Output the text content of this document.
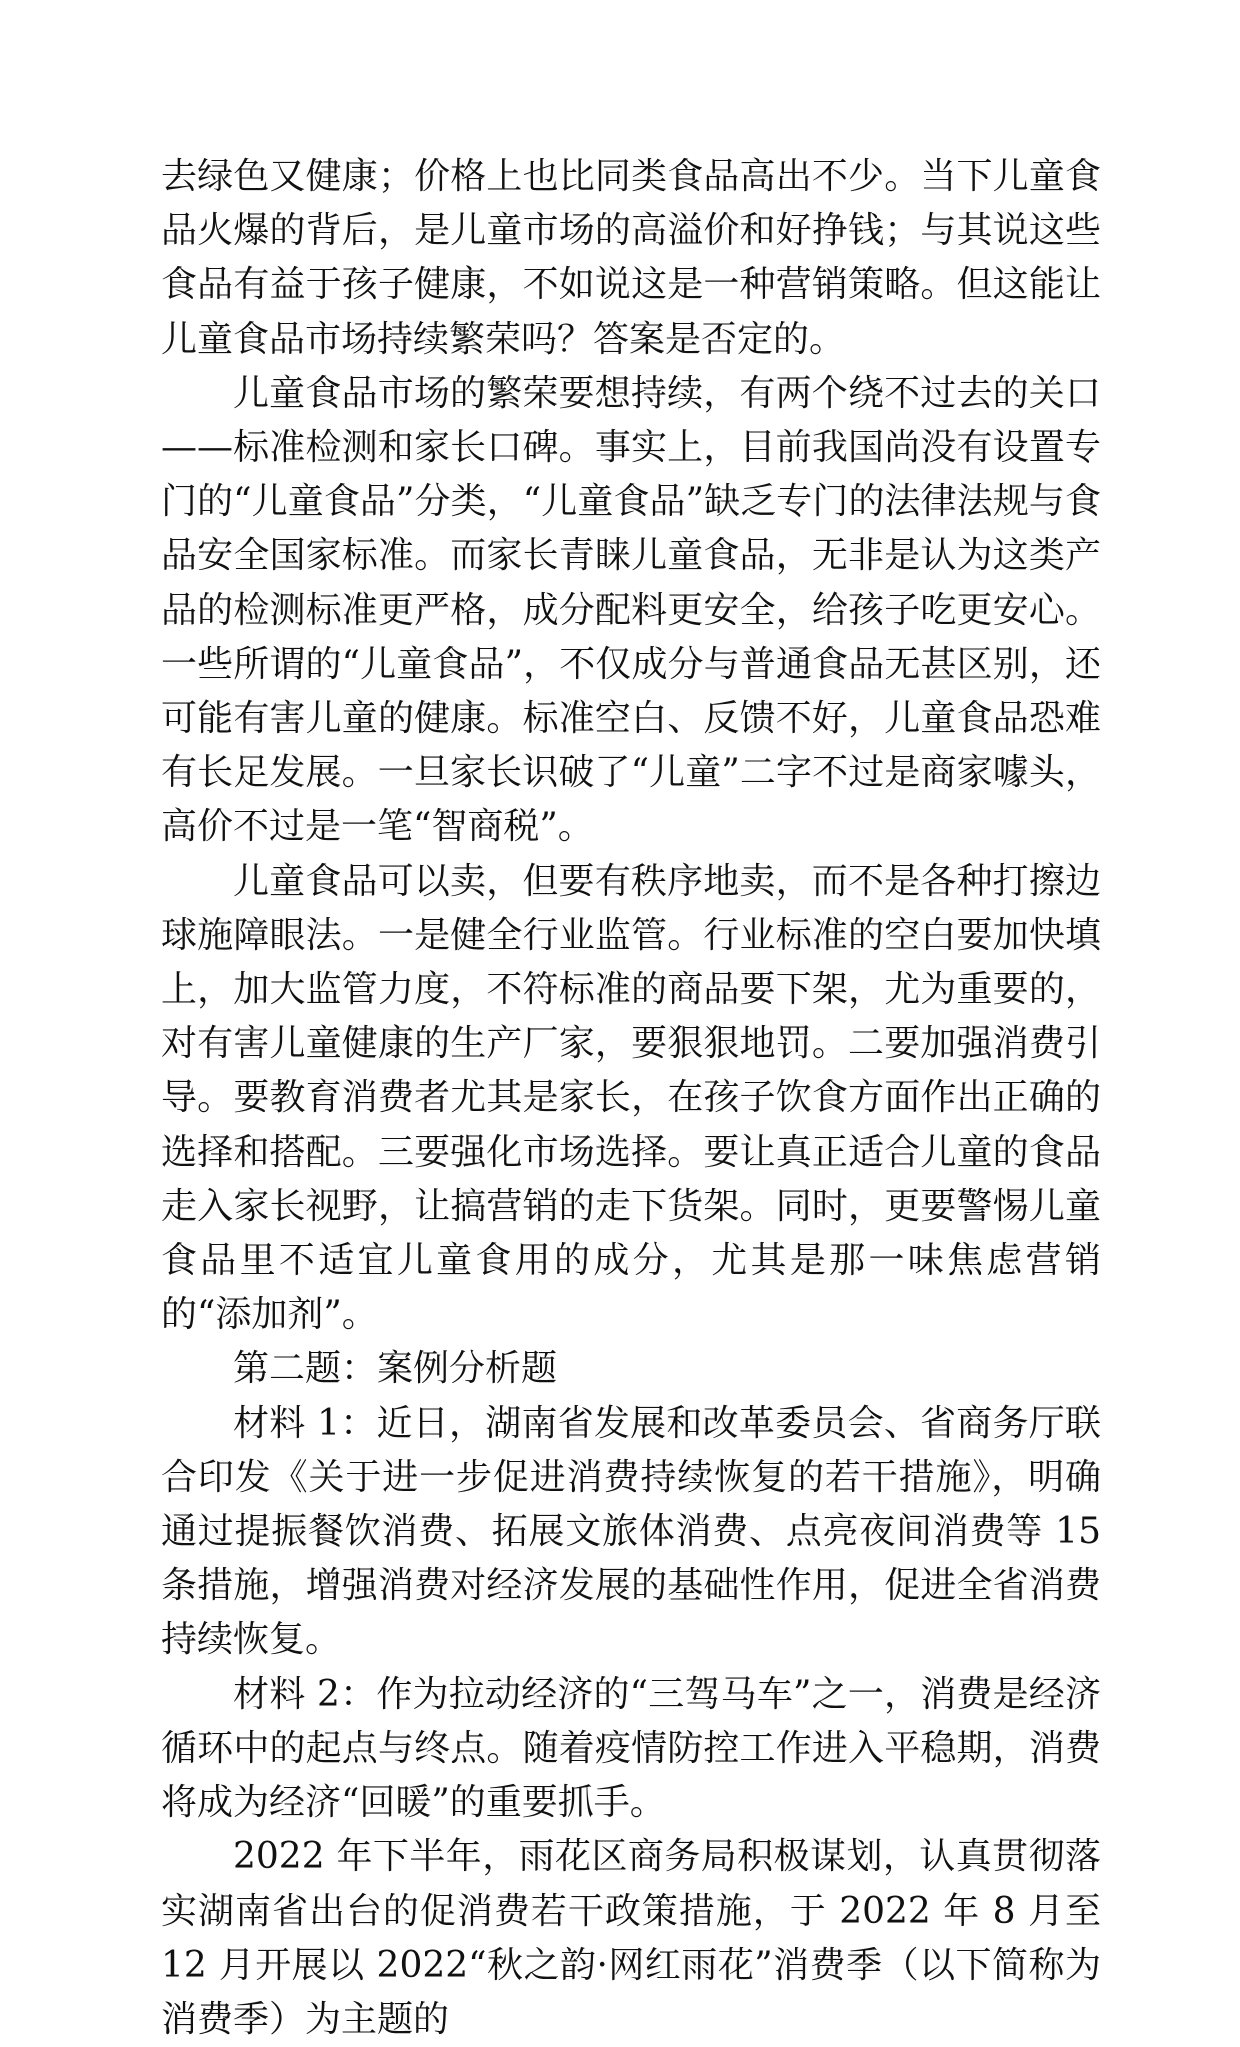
去绿色又健康；价格上也比同类食品高出不少。当下儿童食品火爆的背后，是儿童市场的高溢价和好挣钱；与其说这些食品有益于孩子健康，不如说这是一种营销策略。但这能让儿童食品市场持续繁荣吗？答案是否定的。

儿童食品市场的繁荣要想持续，有两个绕不过去的关口——标准检测和家长口碑。事实上，目前我国尚没有设置专门的“儿童食品”分类，“儿童食品”缺乏专门的法律法规与食品安全国家标准。而家长青睐儿童食品，无非是认为这类产品的检测标准更严格，成分配料更安全，给孩子吃更安心。一些所谓的“儿童食品”，不仅成分与普通食品无甚区别，还可能有害儿童的健康。标准空白、反馈不好，儿童食品恐难有长足发展。一旦家长识破了“儿童”二字不过是商家噱头，高价不过是一笔“智商税”。

儿童食品可以卖，但要有秩序地卖，而不是各种打擦边球施障眼法。一是健全行业监管。行业标准的空白要加快填上，加大监管力度，不符标准的商品要下架，尤为重要的，对有害儿童健康的生产厂家，要狠狠地罚。二要加强消费引导。要教育消费者尤其是家长，在孩子饮食方面作出正确的选择和搭配。三要强化市场选择。要让真正适合儿童的食品走入家长视野，让搞营销的走下货架。同时，更要警惕儿童食品里不适宜儿童食用的成分，尤其是那一味焦虑营销的“添加剂”。

第二题：案例分析题

材料 1：近日，湖南省发展和改革委员会、省商务厅联合印发《关于进一步促进消费持续恢复的若干措施》，明确通过提振餐饮消费、拓展文旅体消费、点亮夜间消费等 15 条措施，增强消费对经济发展的基础性作用，促进全省消费持续恢复。

材料 2：作为拉动经济的“三驾马车”之一，消费是经济循环中的起点与终点。随着疫情防控工作进入平稳期，消费将成为经济“回暖”的重要抓手。

2022 年下半年，雨花区商务局积极谋划，认真贯彻落实湖南省出台的促消费若干政策措施，于 2022 年 8 月至 12 月开展以 2022“秋之韵·网红雨花”消费季（以下简称为消费季）为主题的
